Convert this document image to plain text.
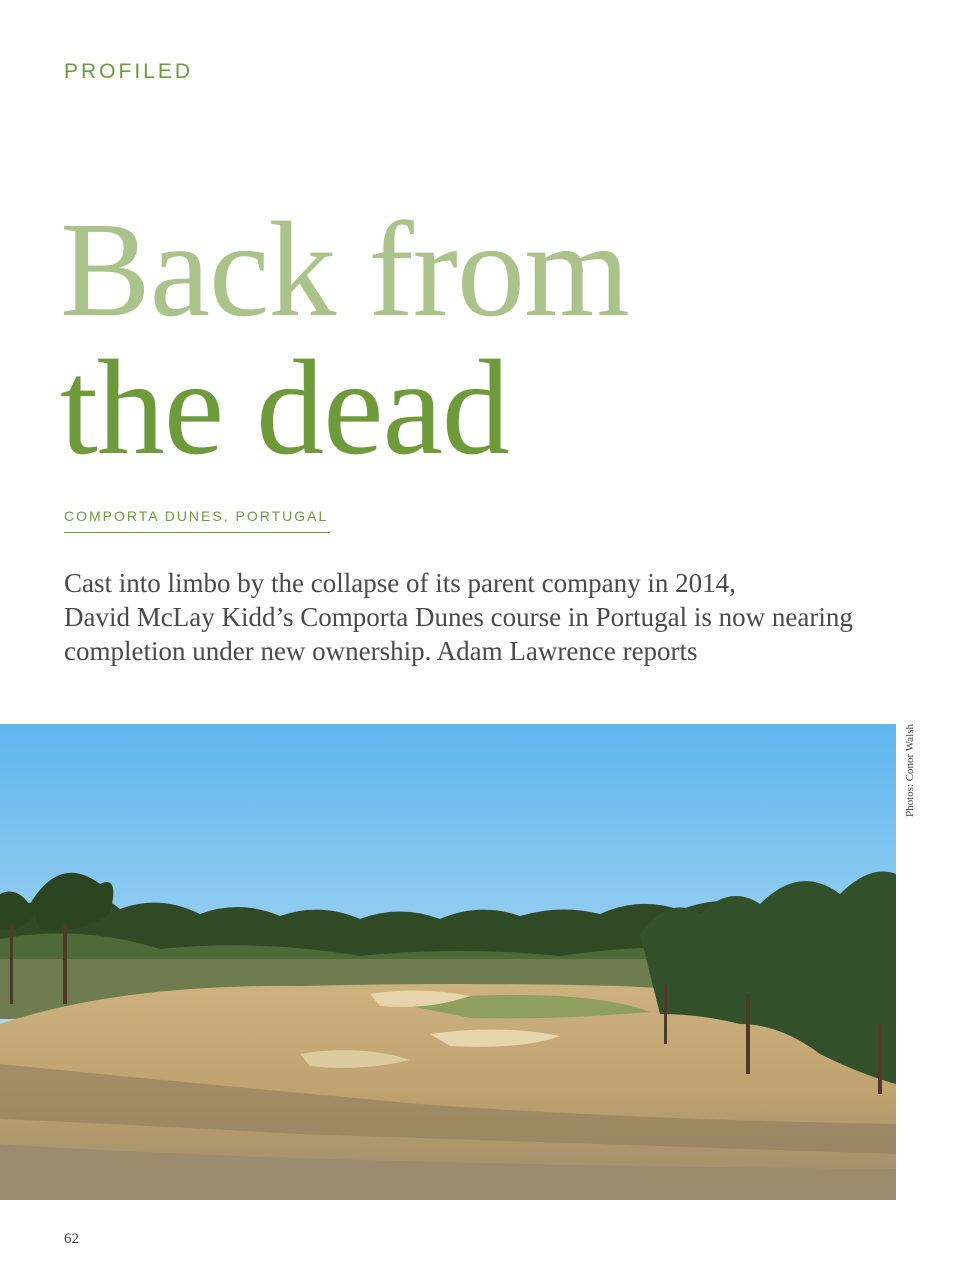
PROFILED
Back from
the dead
COMPORTA DUNES, PORTUGAL
Cast into limbo by the collapse of its parent company in 2014,
David McLay Kidd’s Comporta Dunes course in Portugal is now nearing
completion under new ownership. Adam Lawrence reports
Photos: Conor Walsh
62
